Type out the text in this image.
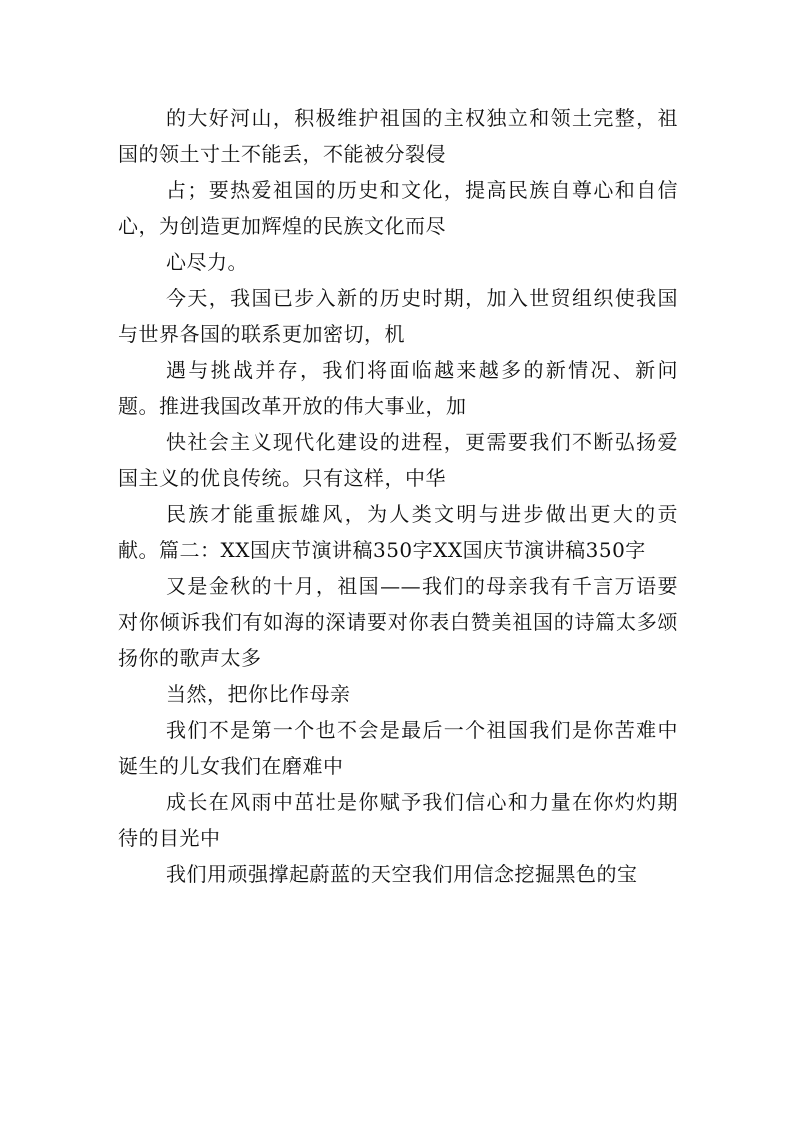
的大好河山，积极维护祖国的主权独立和领土完整，祖国的领土寸土不能丢，不能被分裂侵

占；要热爱祖国的历史和文化，提高民族自尊心和自信心，为创造更加辉煌的民族文化而尽

心尽力。

今天，我国已步入新的历史时期，加入世贸组织使我国与世界各国的联系更加密切，机

遇与挑战并存，我们将面临越来越多的新情况、新问题。推进我国改革开放的伟大事业，加

快社会主义现代化建设的进程，更需要我们不断弘扬爱国主义的优良传统。只有这样，中华

民族才能重振雄风，为人类文明与进步做出更大的贡献。篇二：XX国庆节演讲稿350字XX国庆节演讲稿350字

又是金秋的十月，祖国——我们的母亲我有千言万语要对你倾诉我们有如海的深请要对你表白赞美祖国的诗篇太多颂扬你的歌声太多

当然，把你比作母亲

我们不是第一个也不会是最后一个祖国我们是你苦难中诞生的儿女我们在磨难中

成长在风雨中茁壮是你赋予我们信心和力量在你灼灼期待的目光中

我们用顽强撑起蔚蓝的天空我们用信念挖掘黑色的宝
